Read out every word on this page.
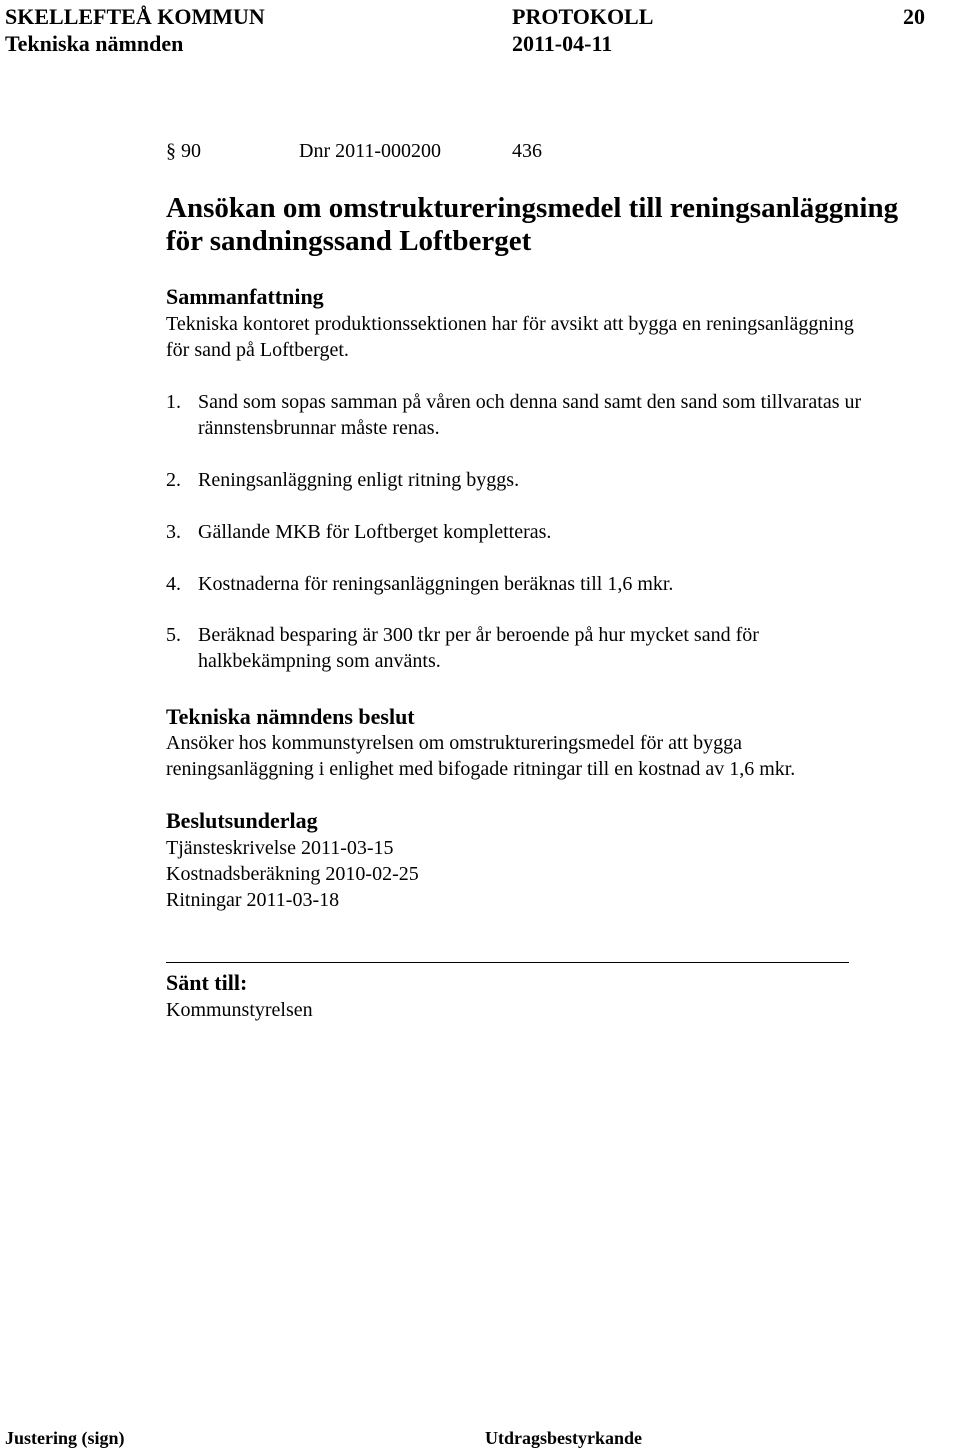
SKELLEFTEÅ KOMMUN	PROTOKOLL	20
Tekniska nämnden	2011-04-11
§ 90	Dnr 2011-000200	436
Ansökan om omstruktureringsmedel till reningsanläggning
för sandningssand Loftberget
Sammanfattning
Tekniska kontoret produktionssektionen har för avsikt att bygga en reningsanläggning
för sand på Loftberget.
1. Sand som sopas samman på våren och denna sand samt den sand som tillvaratas ur
rännstensbrunnar måste renas.
2. Reningsanläggning enligt ritning byggs.
3. Gällande MKB för Loftberget kompletteras.
4. Kostnaderna för reningsanläggningen beräknas till 1,6 mkr.
5. Beräknad besparing är 300 tkr per år beroende på hur mycket sand för
halkbekämpning som använts.
Tekniska nämndens beslut
Ansöker hos kommunstyrelsen om omstruktureringsmedel för att bygga
reningsanläggning i enlighet med bifogade ritningar till en kostnad av 1,6 mkr.
Beslutsunderlag
Tjänsteskrivelse 2011-03-15
Kostnadsberäkning 2010-02-25
Ritningar 2011-03-18
Sänt till:
Kommunstyrelsen
Justering (sign)	Utdragsbestyrkande
